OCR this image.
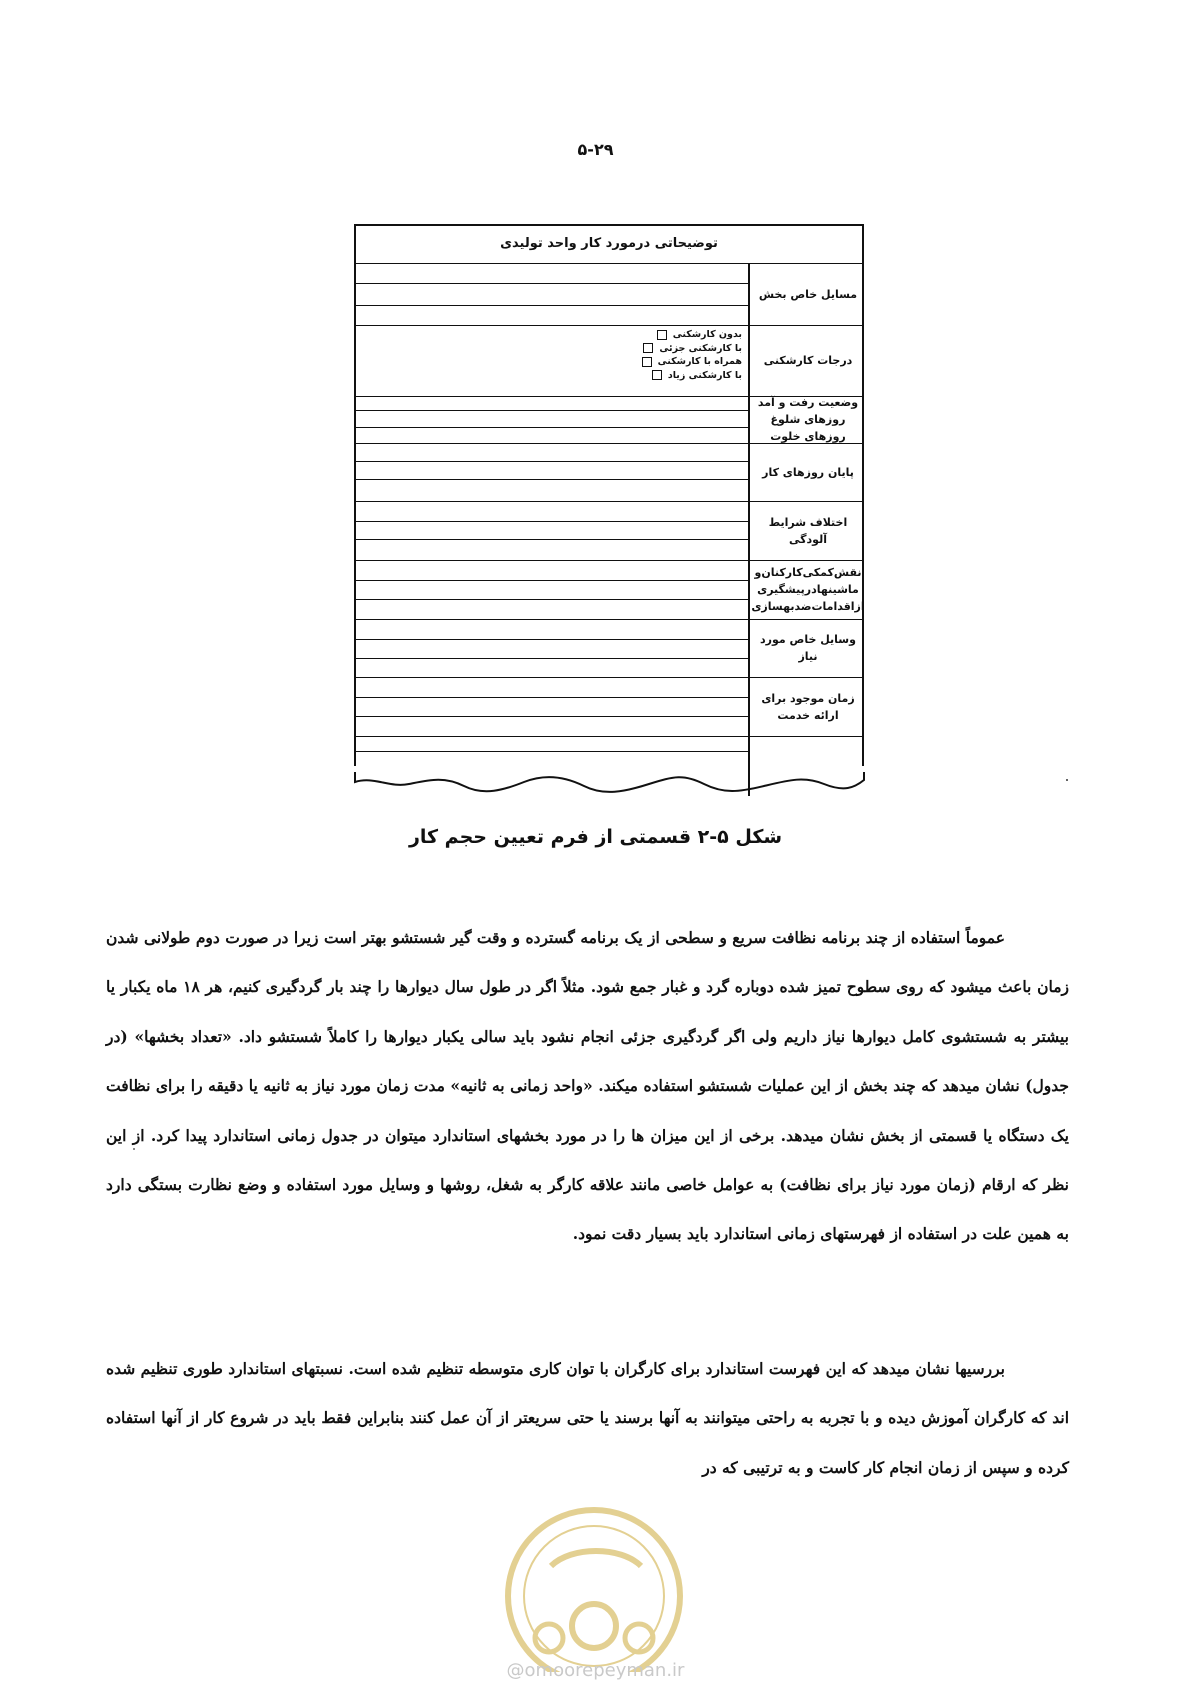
۵-۲۹
توضیحاتی درمورد کار واحد تولیدی
مسایل خاص بخش
درجات کارشکنی
وضعیت رفت و آمد روزهای شلوغ روزهای خلوت
پایان روزهای کار
اختلاف شرایط آلودگی
نقش‌کمکی‌کارکنان‌و ماشینهادرپیشگیری ازاقدامات‌ضدبهسازی
وسایل خاص مورد نیاز
زمان موجود برای ارائه خدمت
بدون کارشکنی
با کارشکنی جزئی
همراه با کارشکنی
با کارشکنی زیاد
شکل ۵-۲ قسمتی از فرم تعیین حجم کار

عموماً استفاده از چند برنامه نظافت سریع و سطحی از یک برنامه گسترده و وقت گیر شستشو بهتر است زیرا در صورت دوم طولانی شدن زمان باعث میشود که روی سطوح تمیز شده دوباره گرد و غبار جمع شود. مثلاً اگر در طول سال دیوارها را چند بار گردگیری کنیم، هر ۱۸ ماه یکبار یا بیشتر به شستشوی کامل دیوارها نیاز داریم ولی اگر گردگیری جزئی انجام نشود باید سالی یکبار دیوارها را کاملاً شستشو داد. «تعداد بخشها» (در جدول) نشان میدهد که چند بخش از این عملیات شستشو استفاده میکند. «واحد زمانی به ثانیه» مدت زمان مورد نیاز به ثانیه یا دقیقه را برای نظافت یک دستگاه یا قسمتی از بخش نشان میدهد. برخی از این میزان ها را در مورد بخشهای استاندارد میتوان در جدول زمانی استاندارد پیدا کرد. از این نظر که ارقام (زمان مورد نیاز برای نظافت) به عوامل خاصی مانند علاقه کارگر به شغل، روشها و وسایل مورد استفاده و وضع نظارت بستگی دارد به همین علت در استفاده از فهرستهای زمانی استاندارد باید بسیار دقت نمود.

بررسیها نشان میدهد که این فهرست استاندارد برای کارگران با توان کاری متوسطه تنظیم شده است. نسبتهای استاندارد طوری تنظیم شده اند که کارگران آموزش دیده و با تجربه به راحتی میتوانند به آنها برسند یا حتی سریعتر از آن عمل کنند بنابراین فقط باید در شروع کار از آنها استفاده کرده و سپس از زمان انجام کار کاست و به ترتیبی که در

@omoorepeyman.ir
